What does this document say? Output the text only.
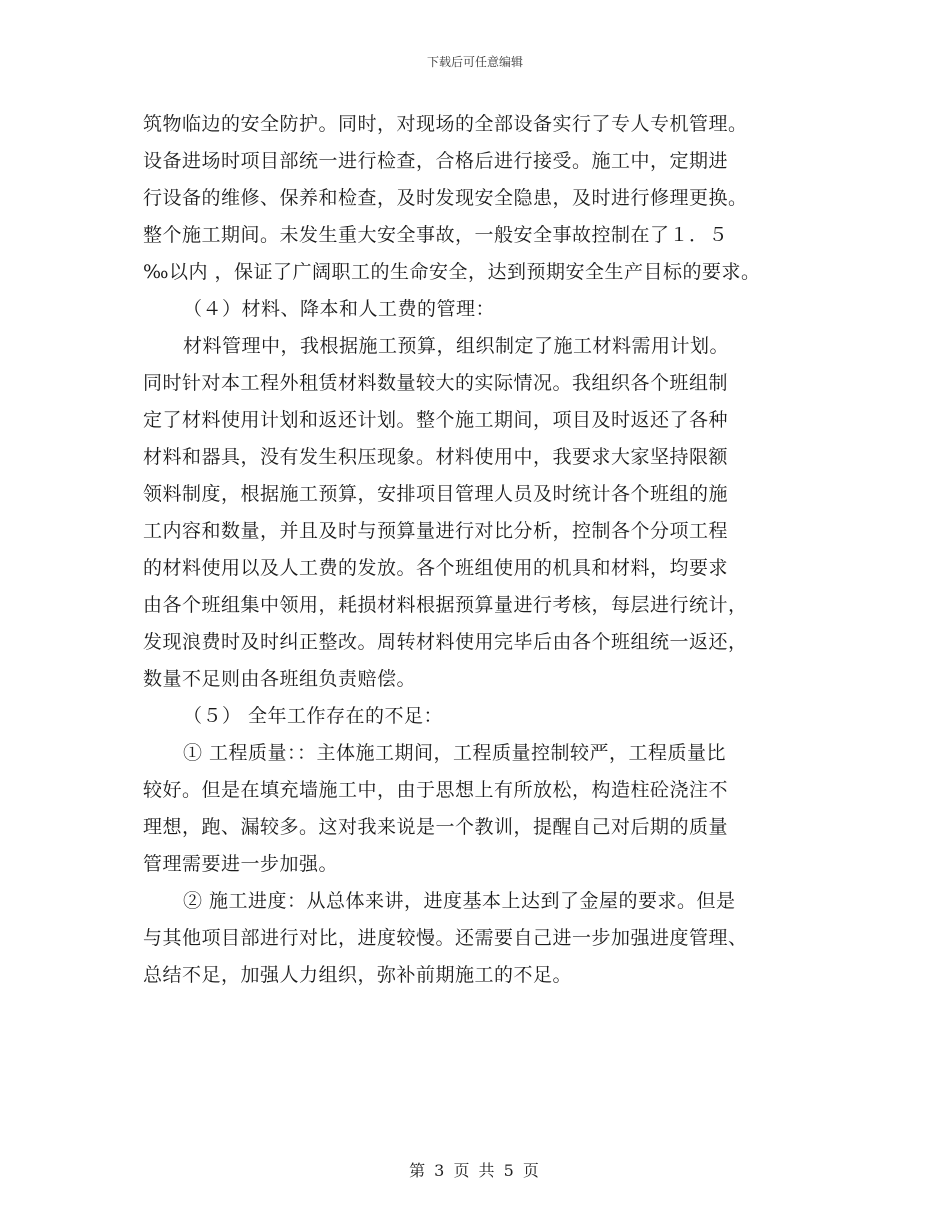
下载后可任意编辑
筑物临边的安全防护。同时，对现场的全部设备实行了专人专机管理。
设备进场时项目部统一进行检查，合格后进行接受。施工中，定期进
行设备的维修、保养和检查，及时发现安全隐患，及时进行修理更换。
整个施工期间。未发生重大安全事故，一般安全事故控制在了１．５
‰以内 ，保证了广阔职工的生命安全，达到预期安全生产目标的要求。
（４）材料、降本和人工费的管理：
材料管理中，我根据施工预算，组织制定了施工材料需用计划。
同时针对本工程外租赁材料数量较大的实际情况。我组织各个班组制
定了材料使用计划和返还计划。整个施工期间，项目及时返还了各种
材料和器具，没有发生积压现象。材料使用中，我要求大家坚持限额
领料制度，根据施工预算，安排项目管理人员及时统计各个班组的施
工内容和数量，并且及时与预算量进行对比分析，控制各个分项工程
的材料使用以及人工费的发放。各个班组使用的机具和材料，均要求
由各个班组集中领用，耗损材料根据预算量进行考核，每层进行统计，
发现浪费时及时纠正整改。周转材料使用完毕后由各个班组统一返还，
数量不足则由各班组负责赔偿。
（５） 全年工作存在的不足：
① 工程质量：：主体施工期间，工程质量控制较严，工程质量比
较好。但是在填充墙施工中，由于思想上有所放松，构造柱砼浇注不
理想，跑、漏较多。这对我来说是一个教训，提醒自己对后期的质量
管理需要进一步加强。
② 施工进度：从总体来讲，进度基本上达到了金屋的要求。但是
与其他项目部进行对比，进度较慢。还需要自己进一步加强进度管理、
总结不足，加强人力组织，弥补前期施工的不足。
第 3 页 共 5 页
